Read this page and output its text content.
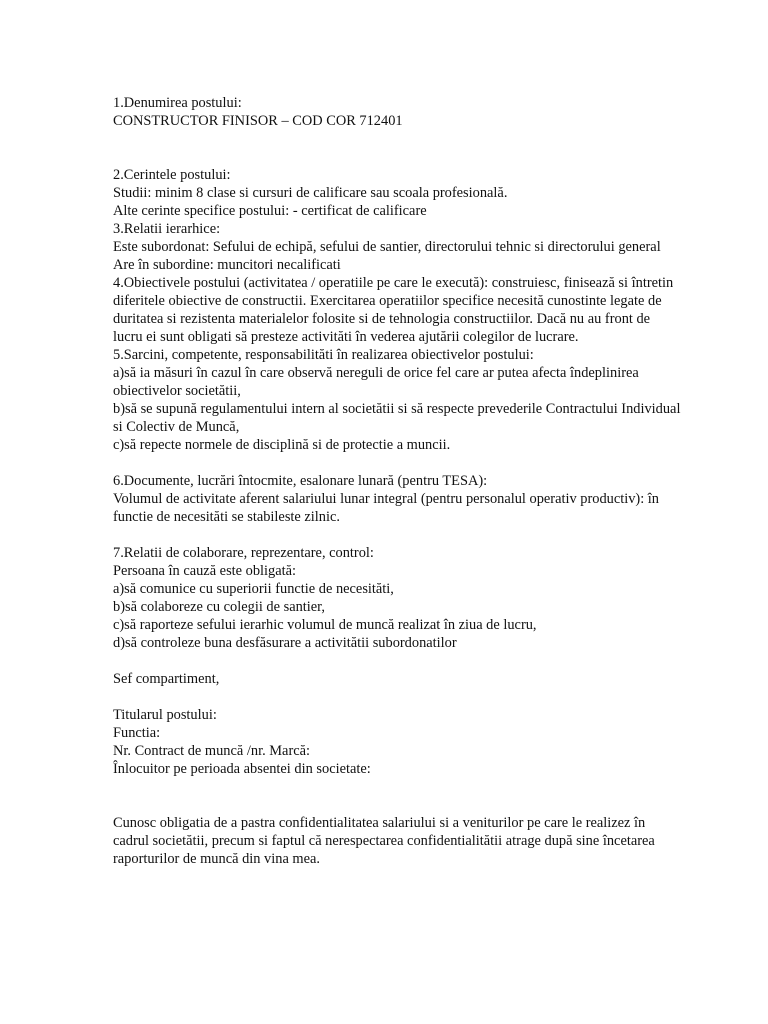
1.Denumirea postului:
CONSTRUCTOR FINISOR – COD COR 712401
2.Cerintele postului:
Studii: minim 8 clase si cursuri de calificare sau scoala profesională.
Alte cerinte specifice postului: - certificat de calificare
3.Relatii ierarhice:
Este subordonat: Sefului de echipă, sefului de santier, directorului tehnic si directorului general
Are în subordine: muncitori necalificati
4.Obiectivele postului (activitatea / operatiile pe care le execută): construiesc, finisează si întretin diferitele obiective de constructii. Exercitarea operatiilor specifice necesită cunostinte legate de duritatea si rezistenta materialelor folosite si de tehnologia constructiilor. Dacă nu au front de lucru ei sunt obligati să presteze activităti în vederea ajutării colegilor de lucrare.
5.Sarcini, competente, responsabilităti în realizarea obiectivelor postului:
a)să ia măsuri în cazul în care observă nereguli de orice fel care ar putea afecta îndeplinirea obiectivelor societătii,
b)să se supună regulamentului intern al societătii si să respecte prevederile Contractului Individual si Colectiv de Muncă,
c)să repecte normele de disciplină si de protectie a muncii.
6.Documente, lucrări întocmite, esalonare lunară (pentru TESA):
Volumul de activitate aferent salariului lunar integral (pentru personalul operativ productiv): în functie de necesităti se stabileste zilnic.
7.Relatii de colaborare, reprezentare, control:
Persoana în cauză este obligată:
a)să comunice cu superiorii functie de necesităti,
b)să colaboreze cu colegii de santier,
c)să raporteze sefului ierarhic volumul de muncă realizat în ziua de lucru,
d)să controleze buna desfăsurare a activitătii subordonatilor
Sef compartiment,
Titularul postului:
Functia:
Nr. Contract de muncă /nr. Marcă:
Înlocuitor pe perioada absentei din societate:
Cunosc obligatia de a pastra confidentialitatea salariului si a veniturilor pe care le realizez în cadrul societătii, precum si faptul că nerespectarea confidentialitătii atrage după sine încetarea raporturilor de muncă din vina mea.
